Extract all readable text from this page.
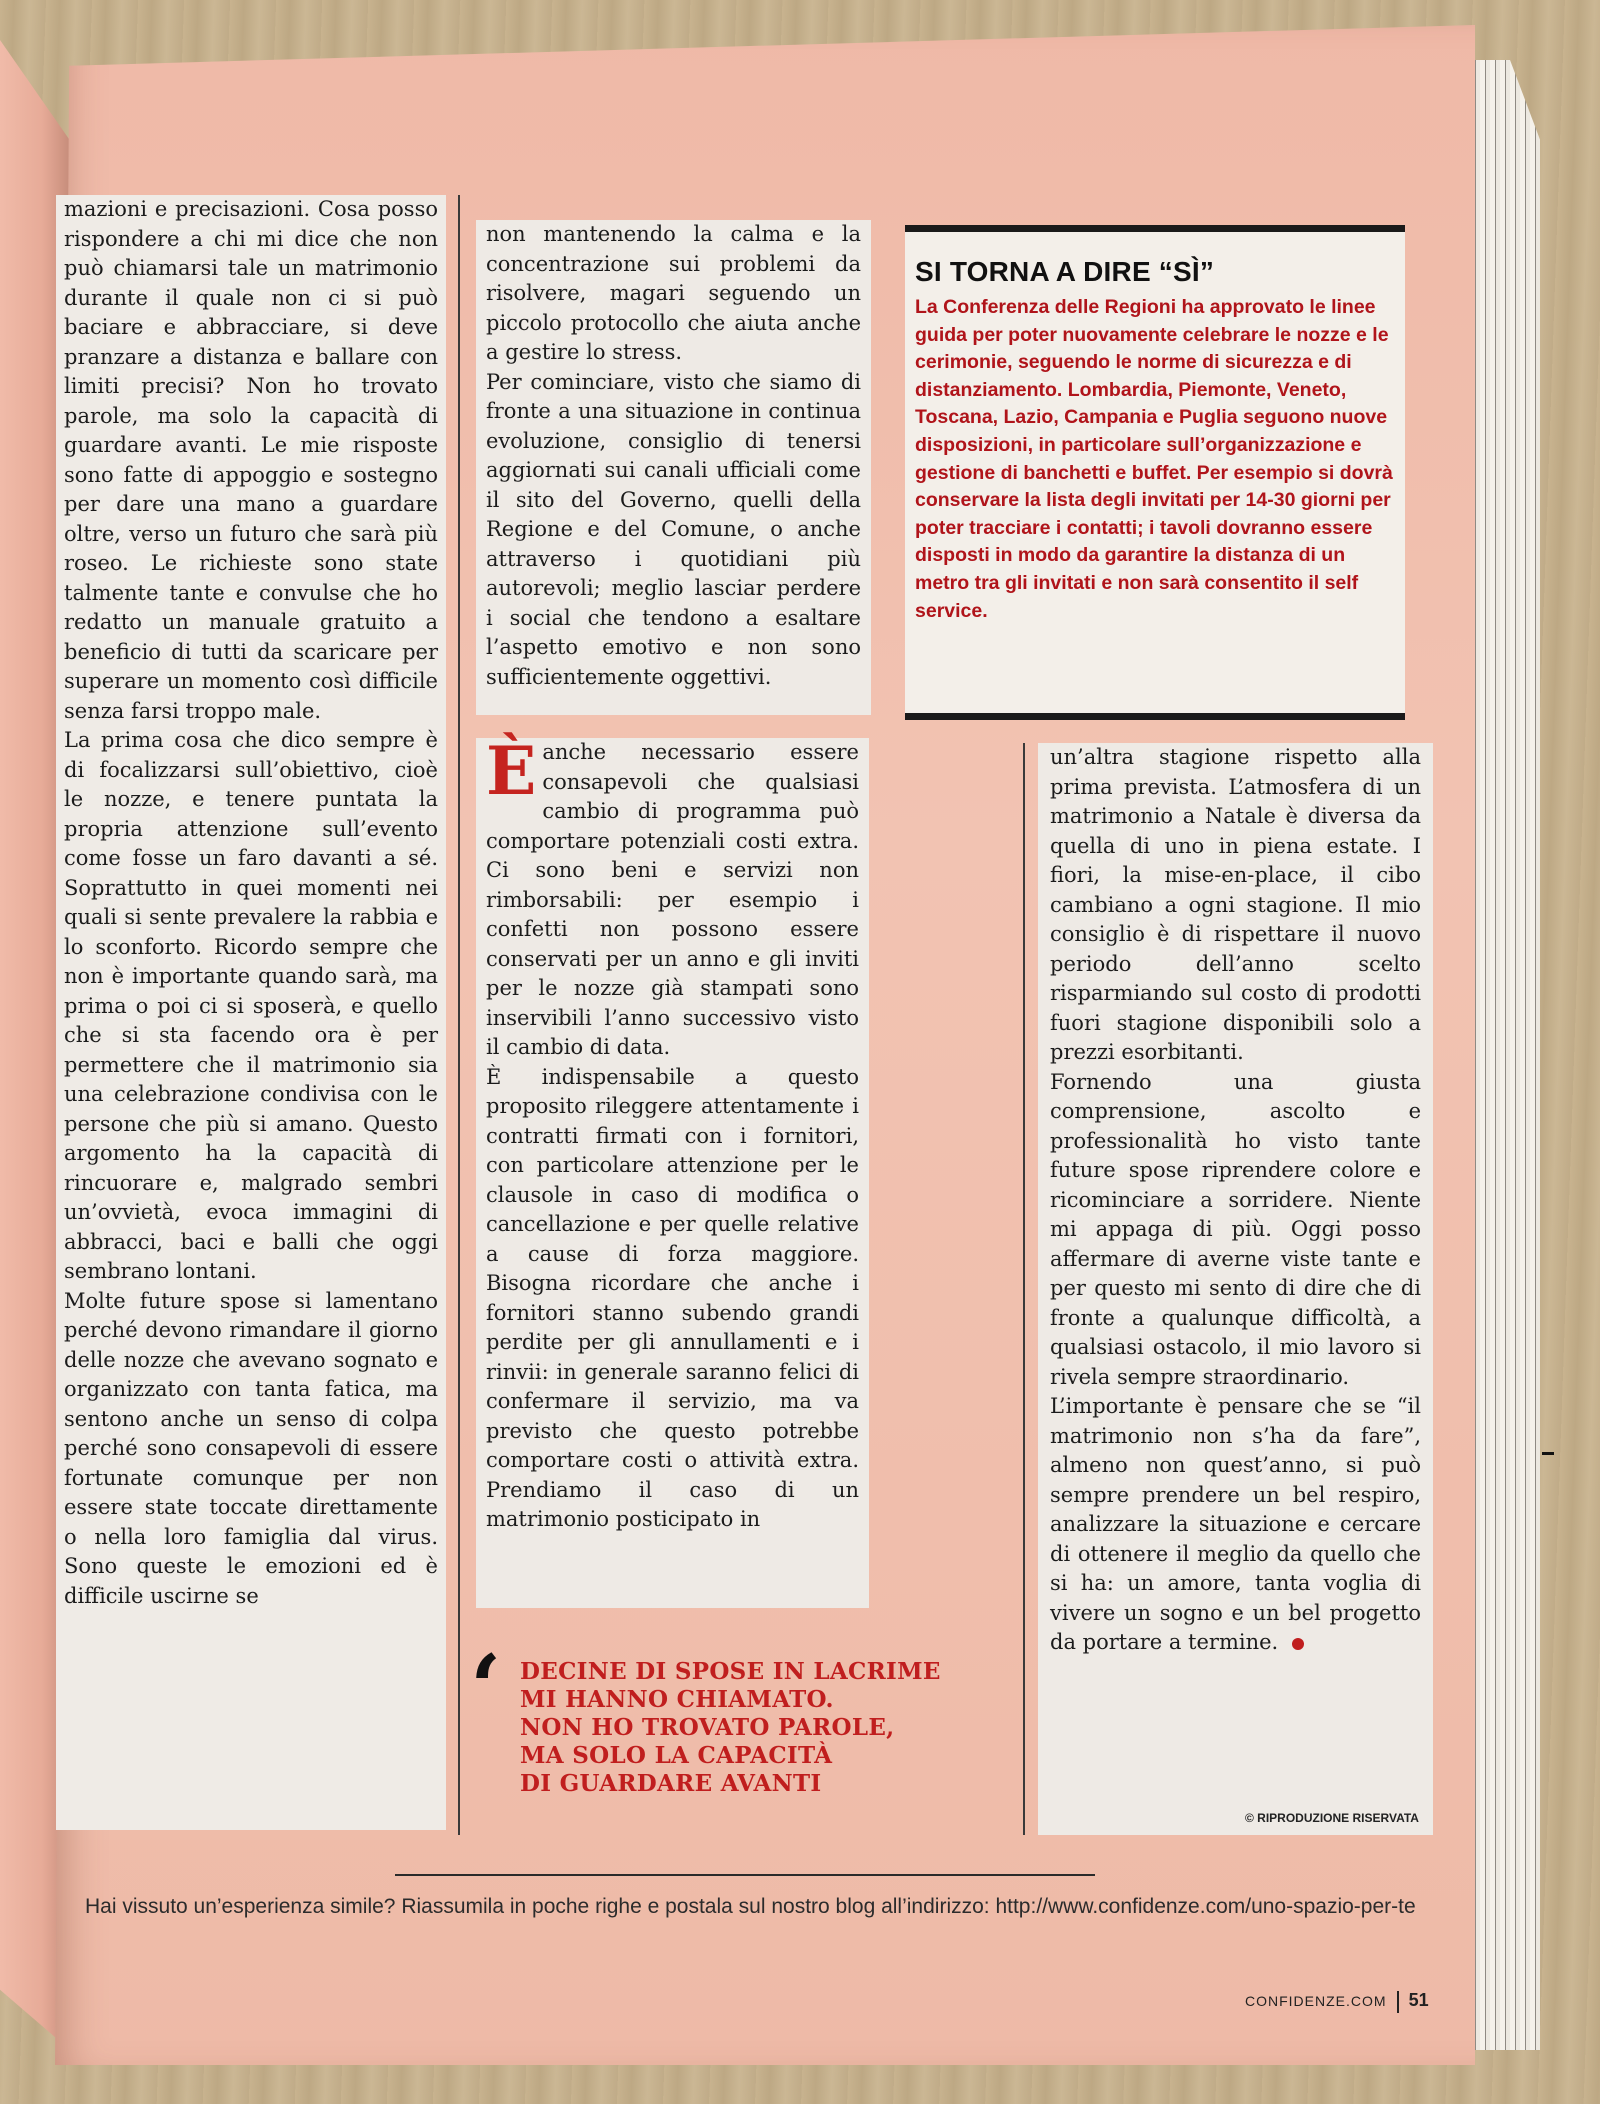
mazioni e precisazioni. Cosa posso rispondere a chi mi dice che non può chiamarsi tale un matrimonio durante il quale non ci si può baciare e abbracciare, si deve pranzare a distanza e ballare con limiti precisi? Non ho trovato parole, ma solo la capacità di guardare avanti. Le mie risposte sono fatte di appoggio e sostegno per dare una mano a guardare oltre, verso un futuro che sarà più roseo. Le richieste sono state talmente tante e convulse che ho redatto un manuale gratuito a beneficio di tutti da scaricare per superare un momento così difficile senza farsi troppo male.

La prima cosa che dico sempre è di focalizzarsi sull’obiettivo, cioè le nozze, e tenere puntata la propria attenzione sull’evento come fosse un faro davanti a sé. Soprattutto in quei momenti nei quali si sente prevalere la rabbia e lo sconforto. Ricordo sempre che non è importante quando sarà, ma prima o poi ci si sposerà, e quello che si sta facendo ora è per permettere che il matrimonio sia una celebrazione condivisa con le persone che più si amano. Questo argomento ha la capacità di rincuorare e, malgrado sembri un’ovvietà, evoca immagini di abbracci, baci e balli che oggi sembrano lontani.

Molte future spose si lamentano perché devono rimandare il giorno delle nozze che avevano sognato e organizzato con tanta fatica, ma sentono anche un senso di colpa perché sono consapevoli di essere fortunate comunque per non essere state toccate direttamente o nella loro famiglia dal virus. Sono queste le emozioni ed è difficile uscirne se

non mantenendo la calma e la concentrazione sui problemi da risolvere, magari seguendo un piccolo protocollo che aiuta anche a gestire lo stress.

Per cominciare, visto che siamo di fronte a una situazione in continua evoluzione, consiglio di tenersi aggiornati sui canali ufficiali come il sito del Governo, quelli della Regione e del Comune, o anche attraverso i quotidiani più autorevoli; meglio lasciar perdere i social che tendono a esaltare l’aspetto emotivo e non sono sufficientemente oggettivi.

Èanche necessario essere consapevoli che qualsiasi cambio di programma può comportare potenziali costi extra. Ci sono beni e servizi non rimborsabili: per esempio i confetti non possono essere conservati per un anno e gli inviti per le nozze già stampati sono inservibili l’anno successivo visto il cambio di data.

È indispensabile a questo proposito rileggere attentamente i contratti firmati con i fornitori, con particolare attenzione per le clausole in caso di modifica o cancellazione e per quelle relative a cause di forza maggiore. Bisogna ricordare che anche i fornitori stanno subendo grandi perdite per gli annullamenti e i rinvii: in generale saranno felici di confermare il servizio, ma va previsto che questo potrebbe comportare costi o attività extra. Prendiamo il caso di un matrimonio posticipato in

SI TORNA A DIRE “SÌ”

La Conferenza delle Regioni ha approvato le linee guida per poter nuovamente celebrare le nozze e le cerimonie, seguendo le norme di sicurezza e di distanziamento. Lombardia, Piemonte, Veneto, Toscana, Lazio, Campania e Puglia seguono nuove disposizioni, in particolare sull’organizzazione e gestione di banchetti e buffet. Per esempio si dovrà conservare la lista degli invitati per 14-30 giorni per poter tracciare i contatti; i tavoli dovranno essere disposti in modo da garantire la distanza di un metro tra gli invitati e non sarà consentito il self service.

un’altra stagione rispetto alla prima prevista. L’atmosfera di un matrimonio a Natale è diversa da quella di uno in piena estate. I fiori, la mise-en-place, il cibo cambiano a ogni stagione. Il mio consiglio è di rispettare il nuovo periodo dell’anno scelto risparmiando sul costo di prodotti fuori stagione disponibili solo a prezzi esorbitanti.

Fornendo una giusta comprensione, ascolto e professionalità ho visto tante future spose riprendere colore e ricominciare a sorridere. Niente mi appaga di più. Oggi posso affermare di averne viste tante e per questo mi sento di dire che di fronte a qualunque difficoltà, a qualsiasi ostacolo, il mio lavoro si rivela sempre straordinario.

L’importante è pensare che se “il matrimonio non s’ha da fare”, almeno non quest’anno, si può sempre prendere un bel respiro, analizzare la situazione e cercare di ottenere il meglio da quello che si ha: un amore, tanta voglia di vivere un sogno e un bel progetto da portare a termine.

© RIPRODUZIONE RISERVATA
‘ DECINE DI SPOSE IN LACRIME
MI HANNO CHIAMATO.
NON HO TROVATO PAROLE,
MA SOLO LA CAPACITÀ
DI GUARDARE AVANTI
Hai vissuto un’esperienza simile? Riassumila in poche righe e postala sul nostro blog all’indirizzo: http://www.confidenze.com/uno-spazio-per-te
CONFIDENZE.COM 51
